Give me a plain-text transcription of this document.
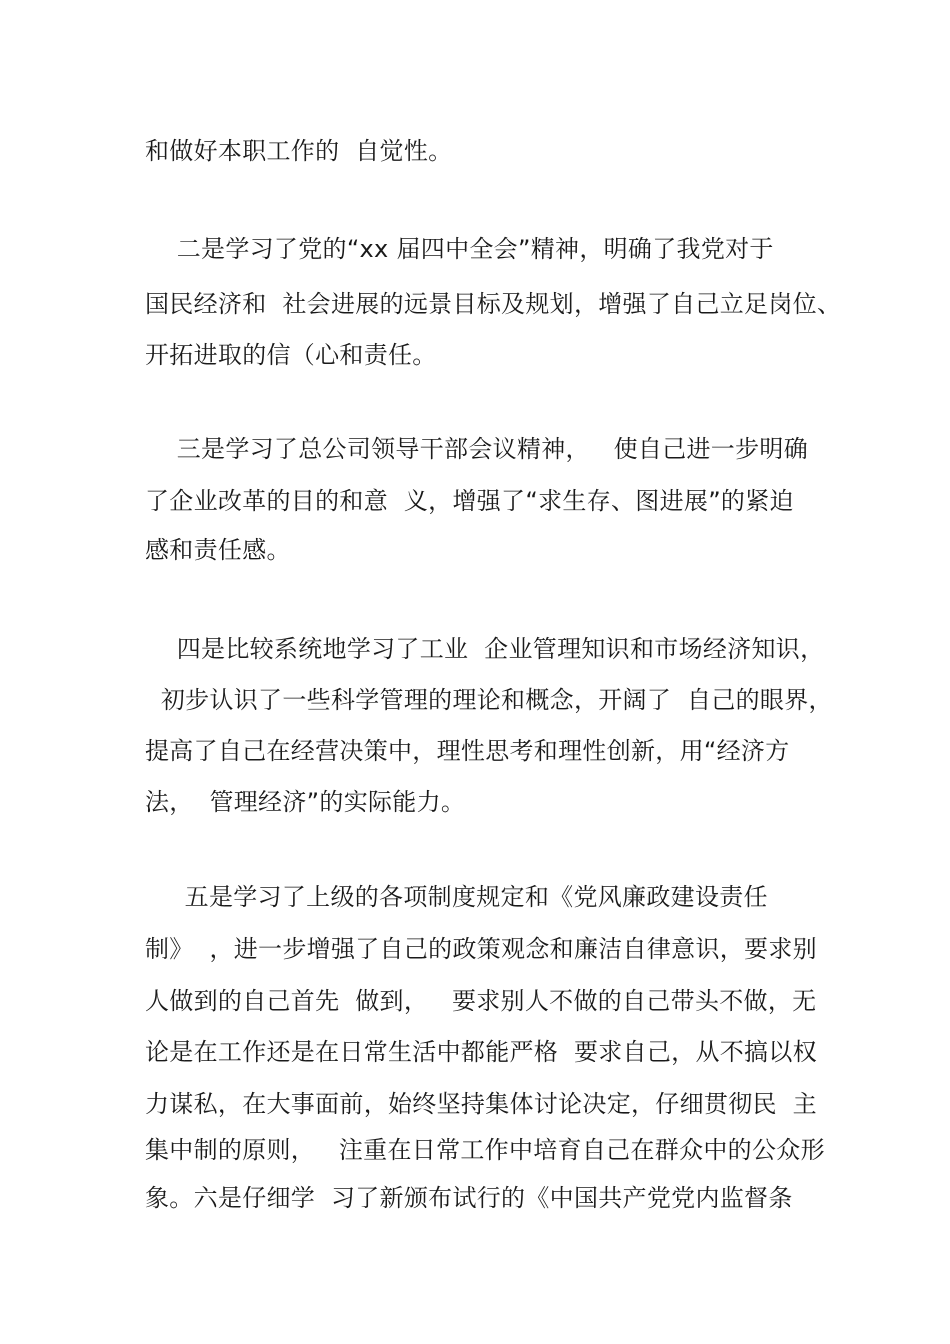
和做好本职工作的  自觉性。
二是学习了党的“xx 届四中全会”精神，明确了我党对于
国民经济和  社会进展的远景目标及规划，增强了自己立足岗位、
开拓进取的信（心和责任。
三是学习了总公司领导干部会议精神，   使自己进一步明确
了企业改革的目的和意  义，增强了“求生存、图进展”的紧迫
感和责任感。
四是比较系统地学习了工业  企业管理知识和市场经济知识，
初步认识了一些科学管理的理论和概念，开阔了  自己的眼界，
提高了自己在经营决策中，理性思考和理性创新，用“经济方
法，  管理经济”的实际能力。
五是学习了上级的各项制度规定和《党风廉政建设责任
制》  ，进一步增强了自己的政策观念和廉洁自律意识，要求别
人做到的自己首先  做到，   要求别人不做的自己带头不做，无
论是在工作还是在日常生活中都能严格  要求自己，从不搞以权
力谋私，在大事面前，始终坚持集体讨论决定，仔细贯彻民  主
集中制的原则，   注重在日常工作中培育自己在群众中的公众形
象。六是仔细学  习了新颁布试行的《中国共产党党内监督条
